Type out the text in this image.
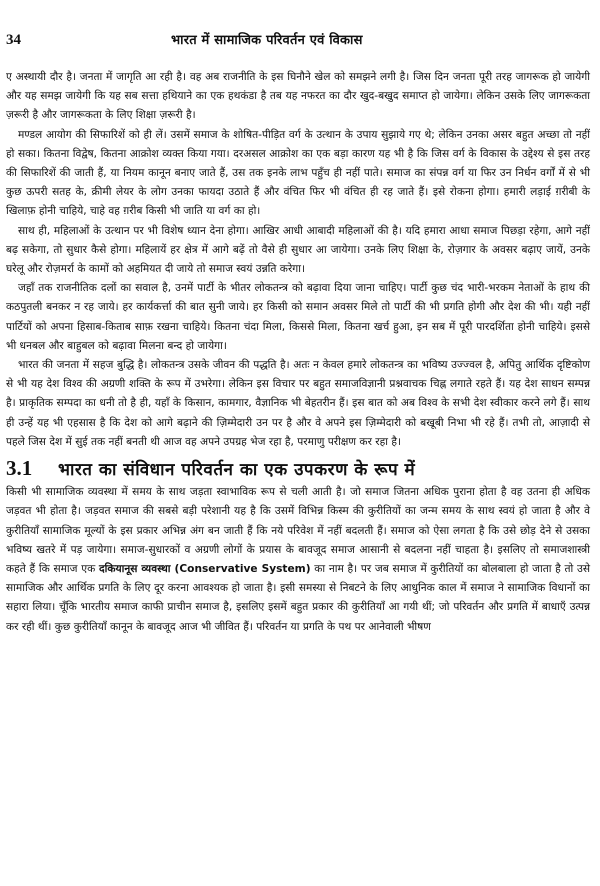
34	भारत में सामाजिक परिवर्तन एवं विकास

ए अस्थायी दौर है। जनता में जागृति आ रही है। वह अब राजनीति के इस घिनौने खेल को समझने लगी है। जिस दिन जनता पूरी तरह जागरूक हो जायेगी और यह समझ जायेगी कि यह सब सत्ता हथियाने का एक हथकंडा है तब यह नफरत का दौर खुद-बखुद समाप्त हो जायेगा। लेकिन उसके लिए जागरूकता ज़रूरी है और जागरूकता के लिए शिक्षा ज़रूरी है।

मण्डल आयोग की सिफारिशें को ही लें। उसमें समाज के शोषित-पीड़ित वर्ग के उत्थान के उपाय सुझाये गए थे; लेकिन उनका असर बहुत अच्छा तो नहीं हो सका। कितना विद्वेष, कितना आक्रोश व्यक्त किया गया। दरअसल आक्रोश का एक बड़ा कारण यह भी है कि जिस वर्ग के विकास के उद्देश्य से इस तरह की सिफारिशें की जाती हैं, या नियम कानून बनाए जाते हैं, उस तक इनके लाभ पहुँच ही नहीं पाते। समाज का संपन्न वर्ग या फिर उन निर्धन वर्गों में से भी कुछ ऊपरी सतह के, क्रीमी लेयर के लोग उनका फायदा उठाते हैं और वंचित फिर भी वंचित ही रह जाते हैं। इसे रोकना होगा। हमारी लड़ाई ग़रीबी के खिलाफ़ होनी चाहिये, चाहे वह ग़रीब किसी भी जाति या वर्ग का हो।

साथ ही, महिलाओं के उत्थान पर भी विशेष ध्यान देना होगा। आखिर आधी आबादी महिलाओं की है। यदि हमारा आधा समाज पिछड़ा रहेगा, आगे नहीं बढ़ सकेगा, तो सुधार कैसे होगा। महिलायें हर क्षेत्र में आगे बढ़ें तो वैसे ही सुधार आ जायेगा। उनके लिए शिक्षा के, रोज़गार के अवसर बढ़ाए जायें, उनके घरेलू और रोज़मर्रा के कामों को अहमियत दी जाये तो समाज स्वयं उन्नति करेगा।

जहाँ तक राजनीतिक दलों का सवाल है, उनमें पार्टी के भीतर लोकतन्त्र को बढ़ावा दिया जाना चाहिए। पार्टी कुछ चंद भारी-भरकम नेताओं के हाथ की कठपुतली बनकर न रह जाये। हर कार्यकर्त्ता की बात सुनी जाये। हर किसी को समान अवसर मिले तो पार्टी की भी प्रगति होगी और देश की भी। यही नहीं पार्टियों को अपना हिसाब-किताब साफ़ रखना चाहिये। कितना चंदा मिला, किससे मिला, कितना खर्च हुआ, इन सब में पूरी पारदर्शिता होनी चाहिये। इससे भी धनबल और बाहुबल को बढ़ावा मिलना बन्द हो जायेगा।

भारत की जनता में सहज बुद्धि है। लोकतन्त्र उसके जीवन की पद्धति है। अतः न केवल हमारे लोकतन्त्र का भविष्य उज्ज्वल है, अपितु आर्थिक दृष्टिकोण से भी यह देश विश्व की अग्रणी शक्ति के रूप में उभरेगा। लेकिन इस विचार पर बहुत समाजविज्ञानी प्रश्नवाचक चिह्न लगाते रहते हैं। यह देश साधन सम्पन्न है। प्राकृतिक सम्पदा का धनी तो है ही, यहाँ के किसान, कामगार, वैज्ञानिक भी बेहतरीन हैं। इस बात को अब विश्व के सभी देश स्वीकार करने लगे हैं। साथ ही उन्हें यह भी एहसास है कि देश को आगे बढ़ाने की ज़िम्मेदारी उन पर है और वे अपने इस ज़िम्मेदारी को बखूबी निभा भी रहे हैं। तभी तो, आज़ादी से पहले जिस देश में सुई तक नहीं बनती थी आज वह अपने उपग्रह भेज रहा है, परमाणु परीक्षण कर रहा है।

3.1	भारत का संविधान परिवर्तन का एक उपकरण के रूप में

किसी भी सामाजिक व्यवस्था में समय के साथ जड़ता स्वाभाविक रूप से चली आती है। जो समाज जितना अधिक पुराना होता है वह उतना ही अधिक जड़वत भी होता है। जड़वत समाज की सबसे बड़ी परेशानी यह है कि उसमें विभिन्न किस्म की कुरीतियों का जन्म समय के साथ स्वयं हो जाता है और वे कुरीतियाँ सामाजिक मूल्यों के इस प्रकार अभिन्न अंग बन जाती हैं कि नये परिवेश में नहीं बदलती हैं। समाज को ऐसा लगता है कि उसे छोड़ देने से उसका भविष्य खतरे में पड़ जायेगा। समाज-सुधारकों व अग्रणी लोगों के प्रयास के बावजूद समाज आसानी से बदलना नहीं चाहता है। इसलिए तो समाजशास्त्री कहते हैं कि समाज एक दकियानूस व्यवस्था (Conservative System) का नाम है। पर जब समाज में कुरीतियों का बोलबाला हो जाता है तो उसे सामाजिक और आर्थिक प्रगति के लिए दूर करना आवश्यक हो जाता है। इसी समस्या से निबटने के लिए आधुनिक काल में समाज ने सामाजिक विधानों का सहारा लिया। चूँकि भारतीय समाज काफी प्राचीन समाज है, इसलिए इसमें बहुत प्रकार की कुरीतियाँ आ गयी थीं; जो परिवर्तन और प्रगति में बाधाएँ उत्पन्न कर रही थीं। कुछ कुरीतियाँ कानून के बावजूद आज भी जीवित हैं। परिवर्तन या प्रगति के पथ पर आनेवाली भीषण
